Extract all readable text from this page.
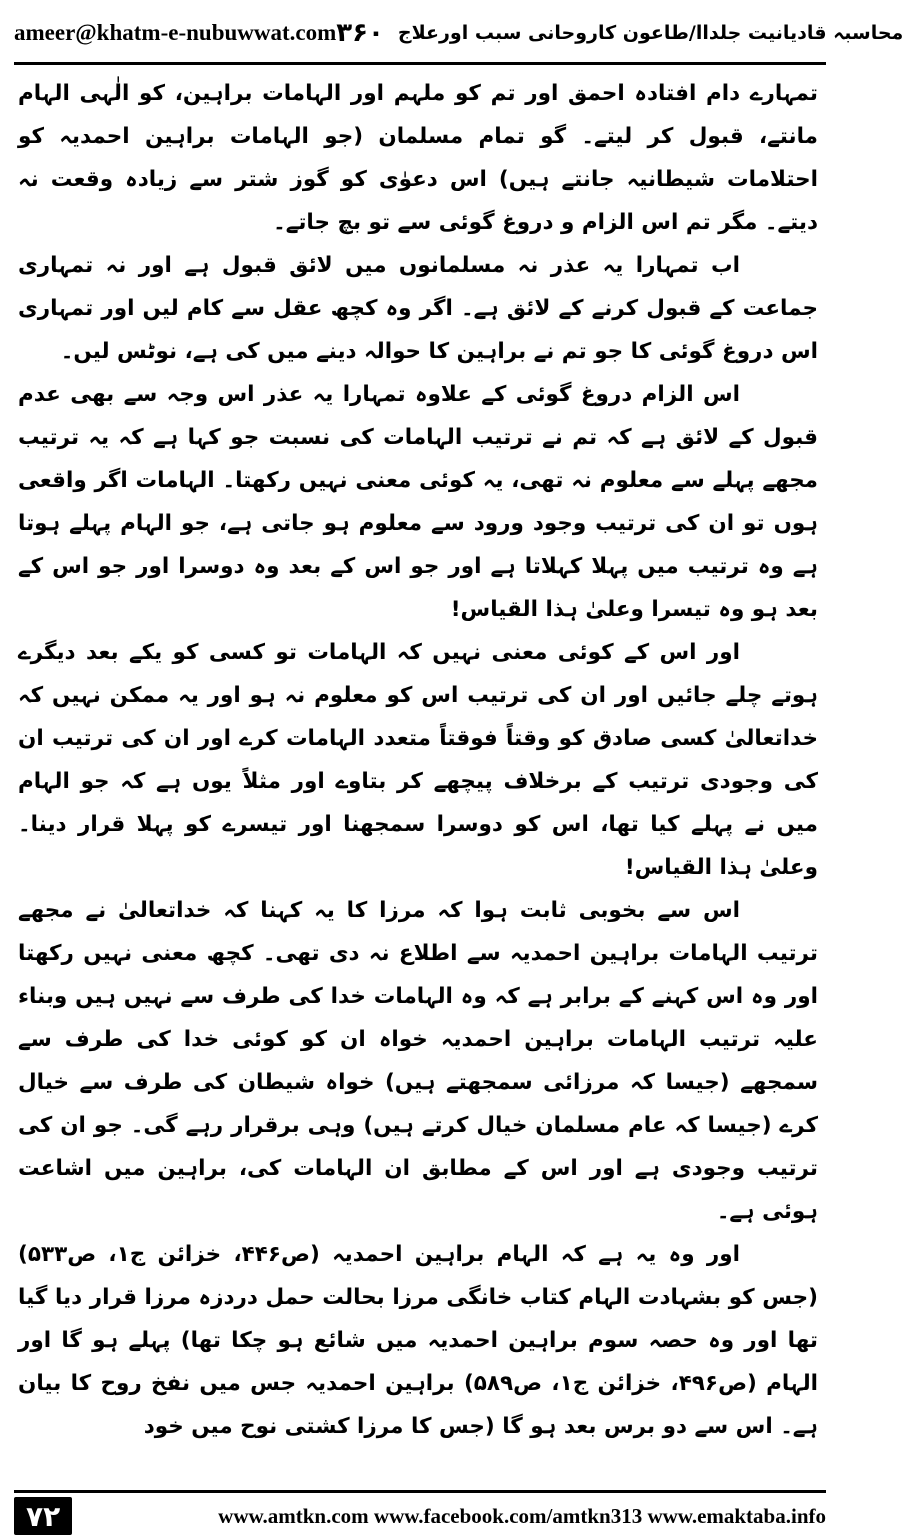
ameer@khatm-e-nubuwwat.com	محاسبہ قادیانیت جلداا/طاعون کاروحانی سبب اورعلاج
۳۶۰

تمہارے دام افتادہ احمق اور تم کو ملہم اور الہامات براہین، کو الٰہی الہام مانتے، قبول کر لیتے۔ گو تمام مسلمان (جو الہامات براہین احمدیہ کو احتلامات شیطانیہ جانتے ہیں) اس دعوٰی کو گوز شتر سے زیادہ وقعت نہ دیتے۔ مگر تم اس الزام و دروغ گوئی سے تو بچ جاتے۔

اب تمہارا یہ عذر نہ مسلمانوں میں لائق قبول ہے اور نہ تمہاری جماعت کے قبول کرنے کے لائق ہے۔ اگر وہ کچھ عقل سے کام لیں اور تمہاری اس دروغ گوئی کا جو تم نے براہین کا حوالہ دینے میں کی ہے، نوٹس لیں۔

اس الزام دروغ گوئی کے علاوہ تمہارا یہ عذر اس وجہ سے بھی عدم قبول کے لائق ہے کہ تم نے ترتیب الہامات کی نسبت جو کہا ہے کہ یہ ترتیب مجھے پہلے سے معلوم نہ تھی، یہ کوئی معنی نہیں رکھتا۔ الہامات اگر واقعی ہوں تو ان کی ترتیب وجود ورود سے معلوم ہو جاتی ہے، جو الہام پہلے ہوتا ہے وہ ترتیب میں پہلا کہلاتا ہے اور جو اس کے بعد وہ دوسرا اور جو اس کے بعد ہو وہ تیسرا وعلیٰ ہذا القیاس!

اور اس کے کوئی معنی نہیں کہ الہامات تو کسی کو یکے بعد دیگرے ہوتے چلے جائیں اور ان کی ترتیب اس کو معلوم نہ ہو اور یہ ممکن نہیں کہ خداتعالیٰ کسی صادق کو وقتاً فوقتاً متعدد الہامات کرے اور ان کی ترتیب ان کی وجودی ترتیب کے برخلاف پیچھے کر بتاوے اور مثلاً یوں ہے کہ جو الہام میں نے پہلے کیا تھا، اس کو دوسرا سمجھنا اور تیسرے کو پہلا قرار دینا۔ وعلیٰ ہذا القیاس!

اس سے بخوبی ثابت ہوا کہ مرزا کا یہ کہنا کہ خداتعالیٰ نے مجھے ترتیب الہامات براہین احمدیہ سے اطلاع نہ دی تھی۔ کچھ معنی نہیں رکھتا اور وہ اس کہنے کے برابر ہے کہ وہ الہامات خدا کی طرف سے نہیں ہیں وبناء علیہ ترتیب الہامات براہین احمدیہ خواہ ان کو کوئی خدا کی طرف سے سمجھے (جیسا کہ مرزائی سمجھتے ہیں) خواہ شیطان کی طرف سے خیال کرے (جیسا کہ عام مسلمان خیال کرتے ہیں) وہی برقرار رہے گی۔ جو ان کی ترتیب وجودی ہے اور اس کے مطابق ان الہامات کی، براہین میں اشاعت ہوئی ہے۔

اور وہ یہ ہے کہ الہام براہین احمدیہ (ص۴۴۶، خزائن ج۱، ص۵۳۳) (جس کو بشہادت الہام کتاب خانگی مرزا بحالت حمل دردزہ مرزا قرار دیا گیا تھا اور وہ حصہ سوم براہین احمدیہ میں شائع ہو چکا تھا) پہلے ہو گا اور الہام (ص۴۹۶، خزائن ج۱، ص۵۸۹) براہین احمدیہ جس میں نفخ روح کا بیان ہے۔ اس سے دو برس بعد ہو گا (جس کا مرزا کشتی نوح میں خود

۷۲	www.amtkn.com www.facebook.com/amtkn313 www.emaktaba.info
